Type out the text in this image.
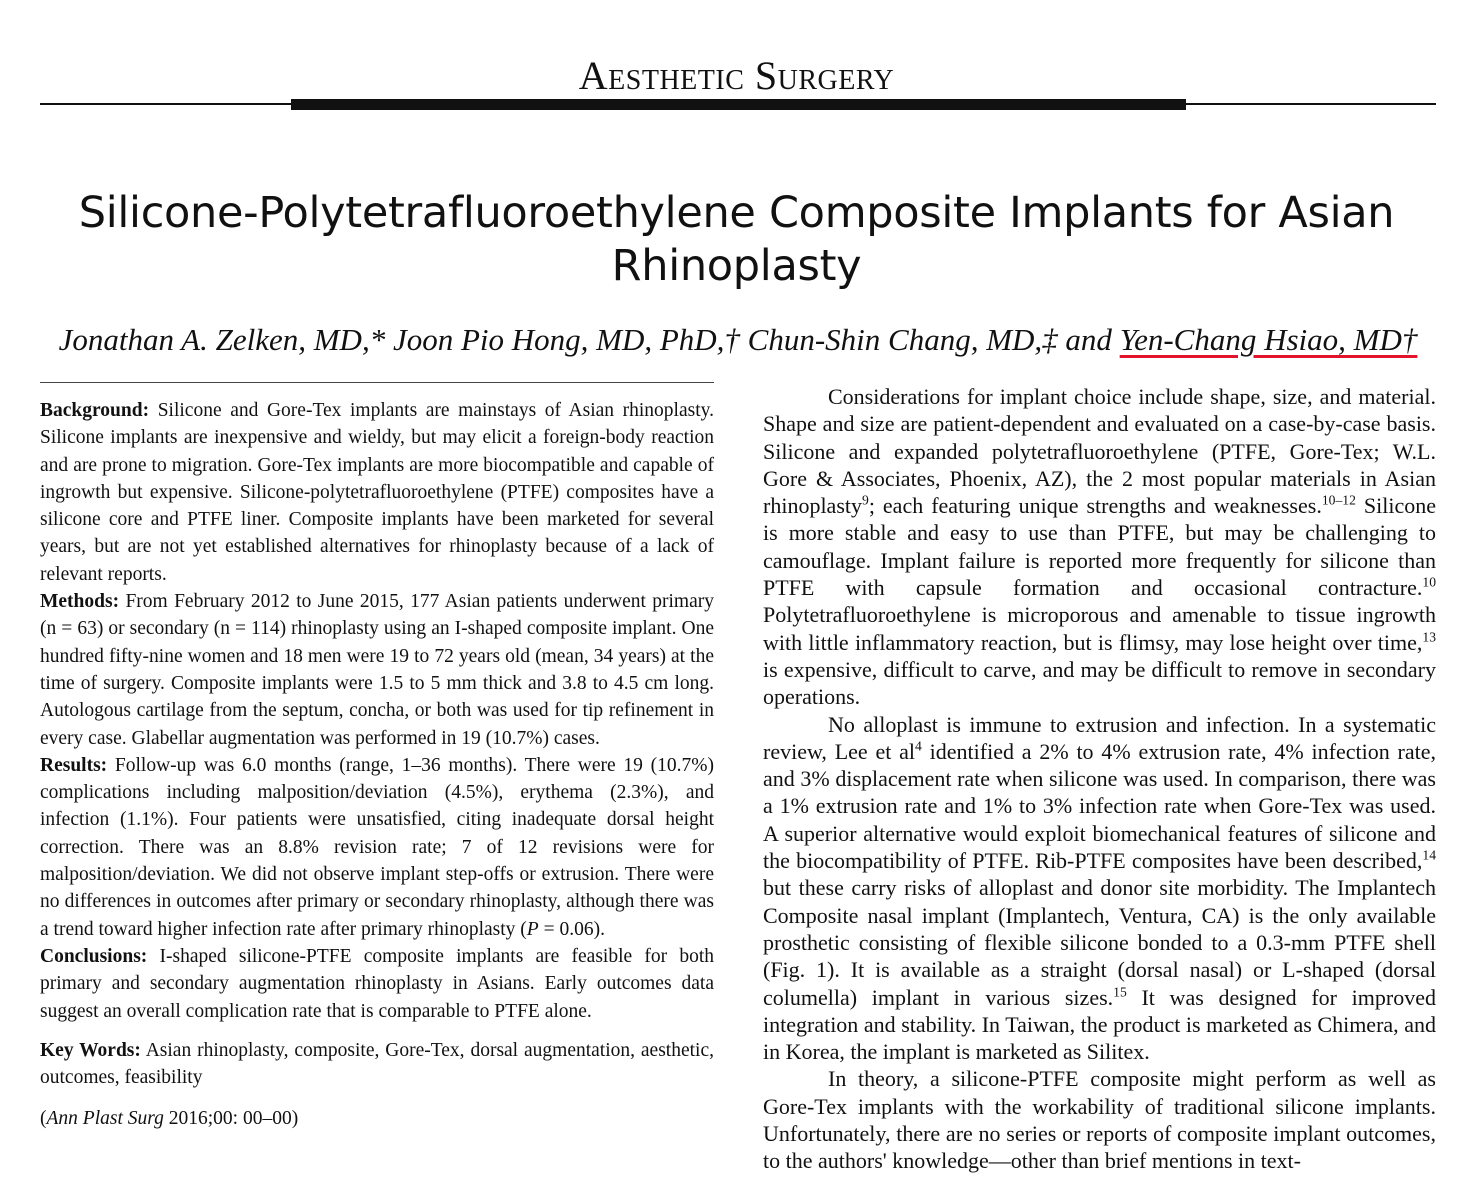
Aesthetic Surgery
Silicone-Polytetrafluoroethylene Composite Implants for Asian Rhinoplasty
Jonathan A. Zelken, MD,* Joon Pio Hong, MD, PhD,† Chun-Shin Chang, MD,‡ and Yen-Chang Hsiao, MD†

Background: Silicone and Gore-Tex implants are mainstays of Asian rhinoplasty. Silicone implants are inexpensive and wieldy, but may elicit a foreign-body reaction and are prone to migration. Gore-Tex implants are more biocompatible and capable of ingrowth but expensive. Silicone-polytetrafluoroethylene (PTFE) composites have a silicone core and PTFE liner. Composite implants have been marketed for several years, but are not yet established alternatives for rhinoplasty because of a lack of relevant reports.

Methods: From February 2012 to June 2015, 177 Asian patients underwent primary (n = 63) or secondary (n = 114) rhinoplasty using an I-shaped composite implant. One hundred fifty-nine women and 18 men were 19 to 72 years old (mean, 34 years) at the time of surgery. Composite implants were 1.5 to 5 mm thick and 3.8 to 4.5 cm long. Autologous cartilage from the septum, concha, or both was used for tip refinement in every case. Glabellar augmentation was performed in 19 (10.7%) cases.

Results: Follow-up was 6.0 months (range, 1–36 months). There were 19 (10.7%) complications including malposition/deviation (4.5%), erythema (2.3%), and infection (1.1%). Four patients were unsatisfied, citing inadequate dorsal height correction. There was an 8.8% revision rate; 7 of 12 revisions were for malposition/deviation. We did not observe implant step-offs or extrusion. There were no differences in outcomes after primary or secondary rhinoplasty, although there was a trend toward higher infection rate after primary rhinoplasty (P = 0.06).

Conclusions: I-shaped silicone-PTFE composite implants are feasible for both primary and secondary augmentation rhinoplasty in Asians. Early outcomes data suggest an overall complication rate that is comparable to PTFE alone.

Key Words: Asian rhinoplasty, composite, Gore-Tex, dorsal augmentation, aesthetic, outcomes, feasibility

(Ann Plast Surg 2016;00: 00–00)

Considerations for implant choice include shape, size, and material. Shape and size are patient-dependent and evaluated on a case-by-case basis. Silicone and expanded polytetrafluoroethylene (PTFE, Gore-Tex; W.L. Gore & Associates, Phoenix, AZ), the 2 most popular materials in Asian rhinoplasty$^9$; each featuring unique strengths and weaknesses.$^{10-12}$ Silicone is more stable and easy to use than PTFE, but may be challenging to camouflage. Implant failure is reported more frequently for silicone than PTFE with capsule formation and occasional contracture.$^{10}$ Polytetrafluoroethylene is microporous and amenable to tissue ingrowth with little inflammatory reaction, but is flimsy, may lose height over time,$^{13}$ is expensive, difficult to carve, and may be difficult to remove in secondary operations.

No alloplast is immune to extrusion and infection. In a systematic review, Lee et $al^4$ identified a 2% to 4% extrusion rate, 4% infection rate, and 3% displacement rate when silicone was used. In comparison, there was a 1% extrusion rate and 1% to 3% infection rate when Gore-Tex was used. A superior alternative would exploit biomechanical features of silicone and the biocompatibility of PTFE. Rib-PTFE composites have been described,$^{14}$ but these carry risks of alloplast and donor site morbidity. The Implantech Composite nasal implant (Implantech, Ventura, CA) is the only available prosthetic consisting of flexible silicone bonded to a 0.3-mm PTFE shell (Fig. 1). It is available as a straight (dorsal nasal) or L-shaped (dorsal columella) implant in various sizes.$^{15}$ It was designed for improved integration and stability. In Taiwan, the product is marketed as Chimera, and in Korea, the implant is marketed as Silitex.

In theory, a silicone-PTFE composite might perform as well as Gore-Tex implants with the workability of traditional silicone implants. Unfortunately, there are no series or reports of composite implant outcomes, to the authors' knowledge—other than brief mentions in text-
